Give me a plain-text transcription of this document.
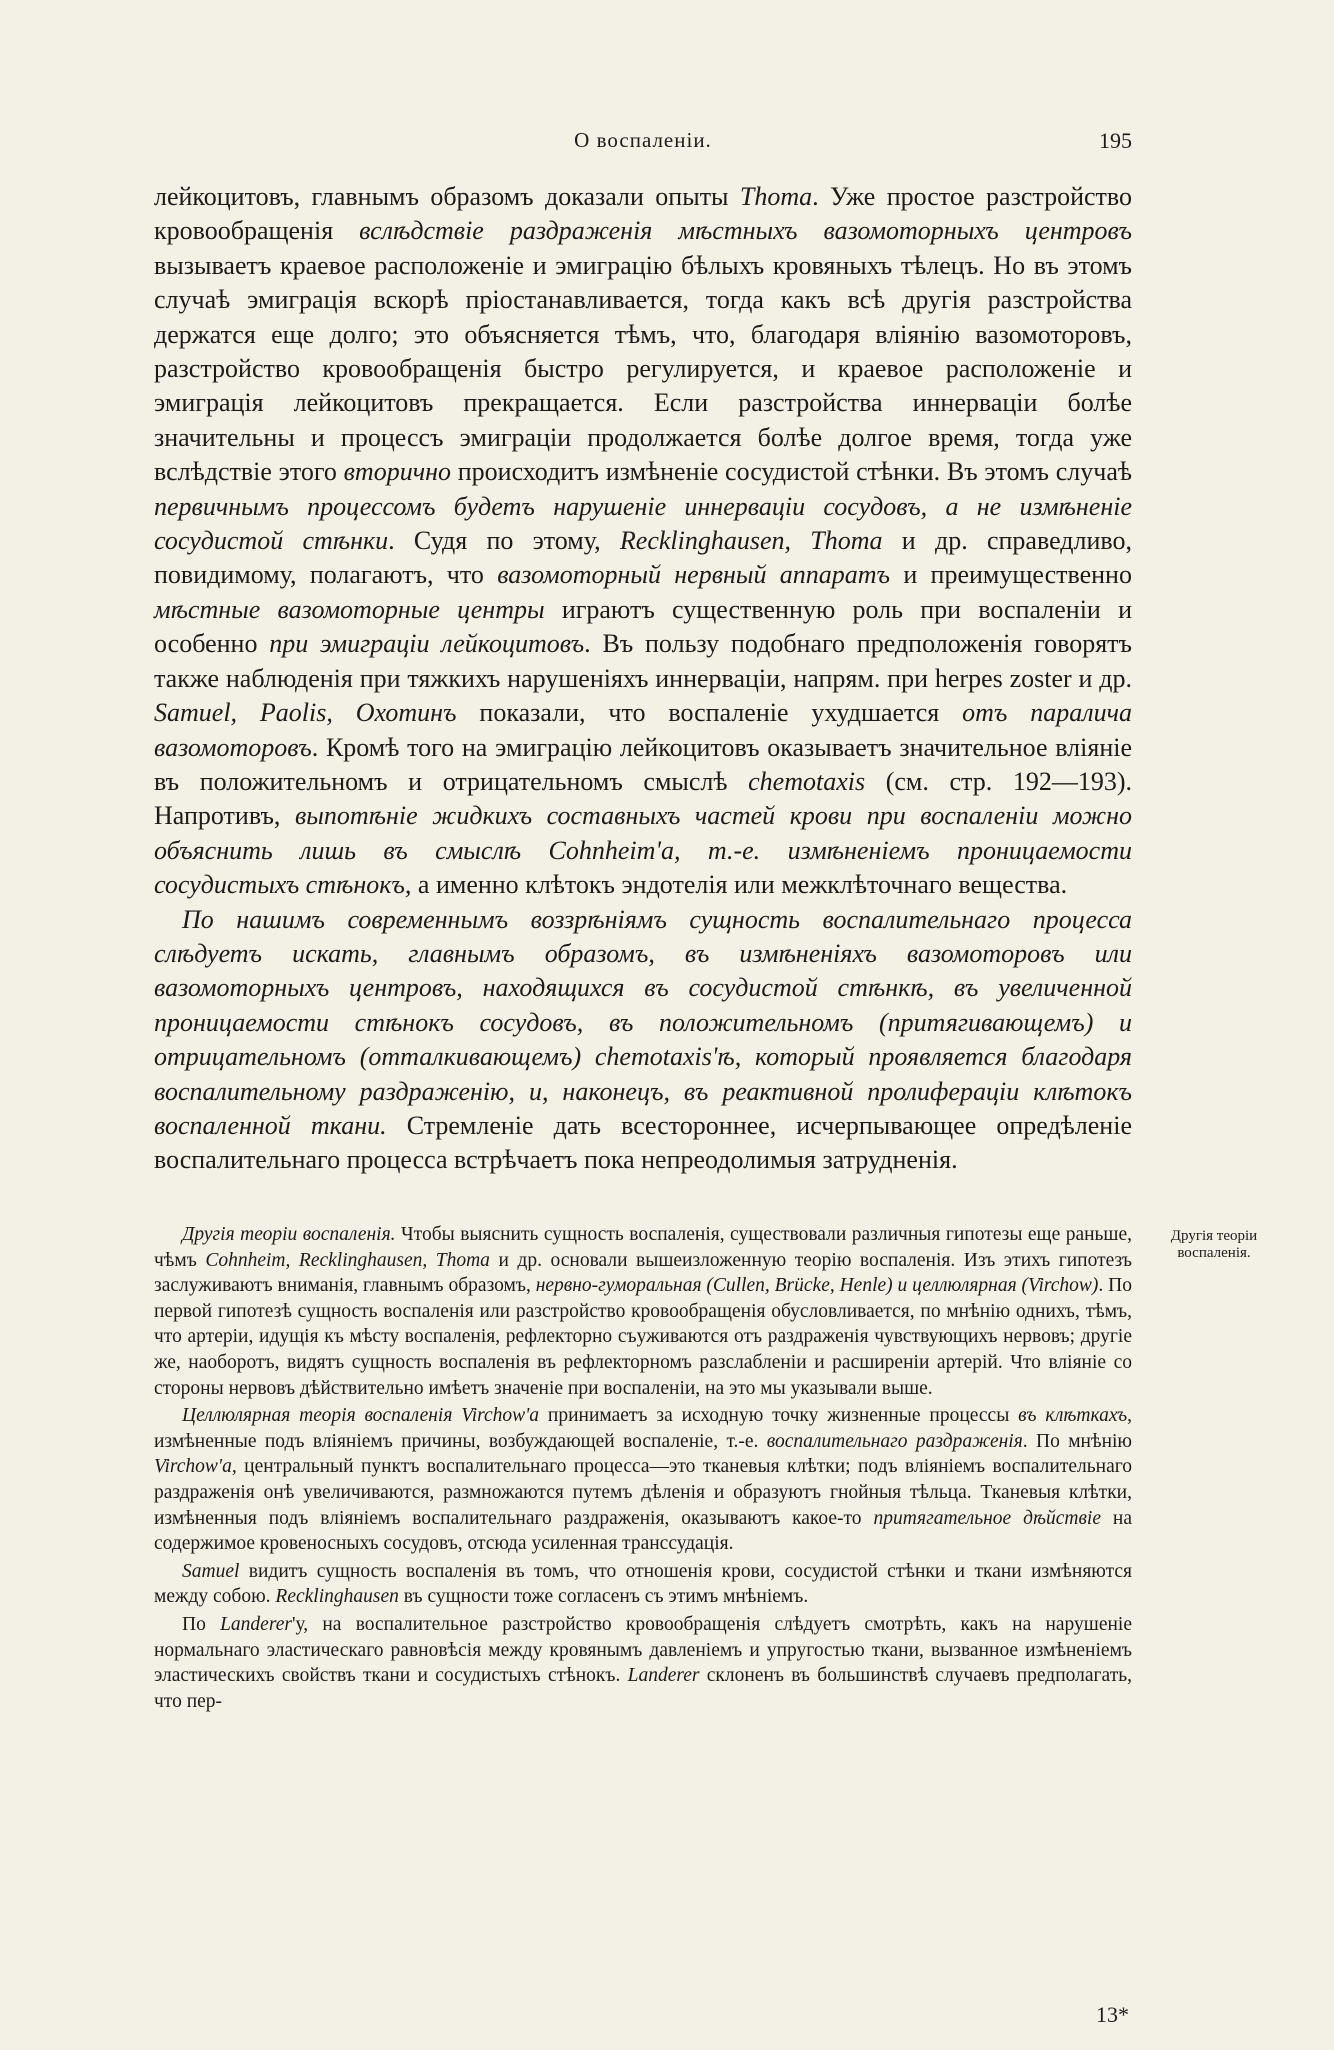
О воспаленіи.	195

лейкоцитовъ, главнымъ образомъ доказали опыты Thoma. Уже простое разстройство кровообращенія вслѣдствіе раздраженія мѣстныхъ вазомоторныхъ центровъ вызываетъ краевое расположеніе и эмиграцію бѣлыхъ кровяныхъ тѣлецъ. Но въ этомъ случаѣ эмиграція вскорѣ пріостанавливается, тогда какъ всѣ другія разстройства держатся еще долго; это объясняется тѣмъ, что, благодаря вліянію вазомоторовъ, разстройство кровообращенія быстро регулируется, и краевое расположеніе и эмиграція лейкоцитовъ прекращается. Если разстройства иннерваціи болѣе значительны и процессъ эмиграціи продолжается болѣе долгое время, тогда уже вслѣдствіе этого вторично происходитъ измѣненіе сосудистой стѣнки. Въ этомъ случаѣ первичнымъ процессомъ будетъ нарушеніе иннерваціи сосудовъ, а не измѣненіе сосудистой стѣнки. Судя по этому, Recklinghausen, Thoma и др. справедливо, повидимому, полагаютъ, что вазомоторный нервный аппаратъ и преимущественно мѣстные вазомоторные центры играютъ существенную роль при воспаленіи и особенно при эмиграціи лейкоцитовъ. Въ пользу подобнаго предположенія говорятъ также наблюденія при тяжкихъ нарушеніяхъ иннерваціи, напрям. при herpes zoster и др. Samuel, Paolis, Охотинъ показали, что воспаленіе ухудшается отъ паралича вазомоторовъ. Кромѣ того на эмиграцію лейкоцитовъ оказываетъ значительное вліяніе въ положительномъ и отрицательномъ смыслѣ chemotaxis (см. стр. 192—193). Напротивъ, выпотѣніе жидкихъ составныхъ частей крови при воспаленіи можно объяснить лишь въ смыслѣ Cohnheim'а, т.-е. измѣненіемъ проницаемости сосудистыхъ стѣнокъ, а именно клѣтокъ эндотелія или межклѣточнаго вещества.

По нашимъ современнымъ воззрѣніямъ сущность воспалительнаго процесса слѣдуетъ искать, главнымъ образомъ, въ измѣненіяхъ вазомоторовъ или вазомоторныхъ центровъ, находящихся въ сосудистой стѣнкѣ, въ увеличенной проницаемости стѣнокъ сосудовъ, въ положительномъ (притягивающемъ) и отрицательномъ (отталкивающемъ) chemotaxis'ѣ, который проявляется благодаря воспалительному раздраженію, и, наконецъ, въ реактивной пролиферацiи клѣтокъ воспаленной ткани. Стремленіе дать всестороннее, исчерпывающее опредѣленіе воспалительнаго процесса встрѣчаетъ пока непреодолимыя затрудненія.

Другія теоріи воспаленія.

Другія теоріи воспаленія. Чтобы выяснить сущность воспаленія, существовали различныя гипотезы еще раньше, чѣмъ Cohnheim, Recklinghausen, Thoma и др. основали вышеизложенную теорію воспаленія. Изъ этихъ гипотезъ заслуживаютъ вниманія, главнымъ образомъ, нервно-гуморальная (Cullen, Brücke, Henle) и целлюлярная (Virchow). По первой гипотезѣ сущность воспаленія или разстройство кровообращенія обусловливается, по мнѣнію однихъ, тѣмъ, что артеріи, идущія къ мѣсту воспаленія, рефлекторно съуживаются отъ раздраженія чувствующихъ нервовъ; другіе же, наоборотъ, видятъ сущность воспаленія въ рефлекторномъ разслабленіи и расширеніи артерій. Что вліяніе со стороны нервовъ дѣйствительно имѣетъ значеніе при воспаленіи, на это мы указывали выше.

Целлюлярная теорія воспаленія Virchow'а принимаетъ за исходную точку жизненные процессы въ клѣткахъ, измѣненные подъ вліяніемъ причины, возбуждающей воспаленіе, т.-е. воспалительнаго раздраженія. По мнѣнію Virchow'а, центральный пунктъ воспалительнаго процесса—это тканевыя клѣтки; подъ вліяніемъ воспалительнаго раздраженія онѣ увеличиваются, размножаются путемъ дѣленія и образуютъ гнойныя тѣльца. Тканевыя клѣтки, измѣненныя подъ вліяніемъ воспалительнаго раздраженія, оказываютъ какое-то притягательное дѣйствіе на содержимое кровеносныхъ сосудовъ, отсюда усиленная транссудація.

Samuel видитъ сущность воспаленія въ томъ, что отношенія крови, сосудистой стѣнки и ткани измѣняются между собою. Recklinghausen въ сущности тоже согласенъ съ этимъ мнѣніемъ.

По Landerer'у, на воспалительное разстройство кровообращенія слѣдуетъ смотрѣть, какъ на нарушеніе нормальнаго эластическаго равновѣсія между кровянымъ давленіемъ и упругостью ткани, вызванное измѣненіемъ эластическихъ свойствъ ткани и сосудистыхъ стѣнокъ. Landerer склоненъ въ большинствѣ случаевъ предполагать, что пер-

13*
